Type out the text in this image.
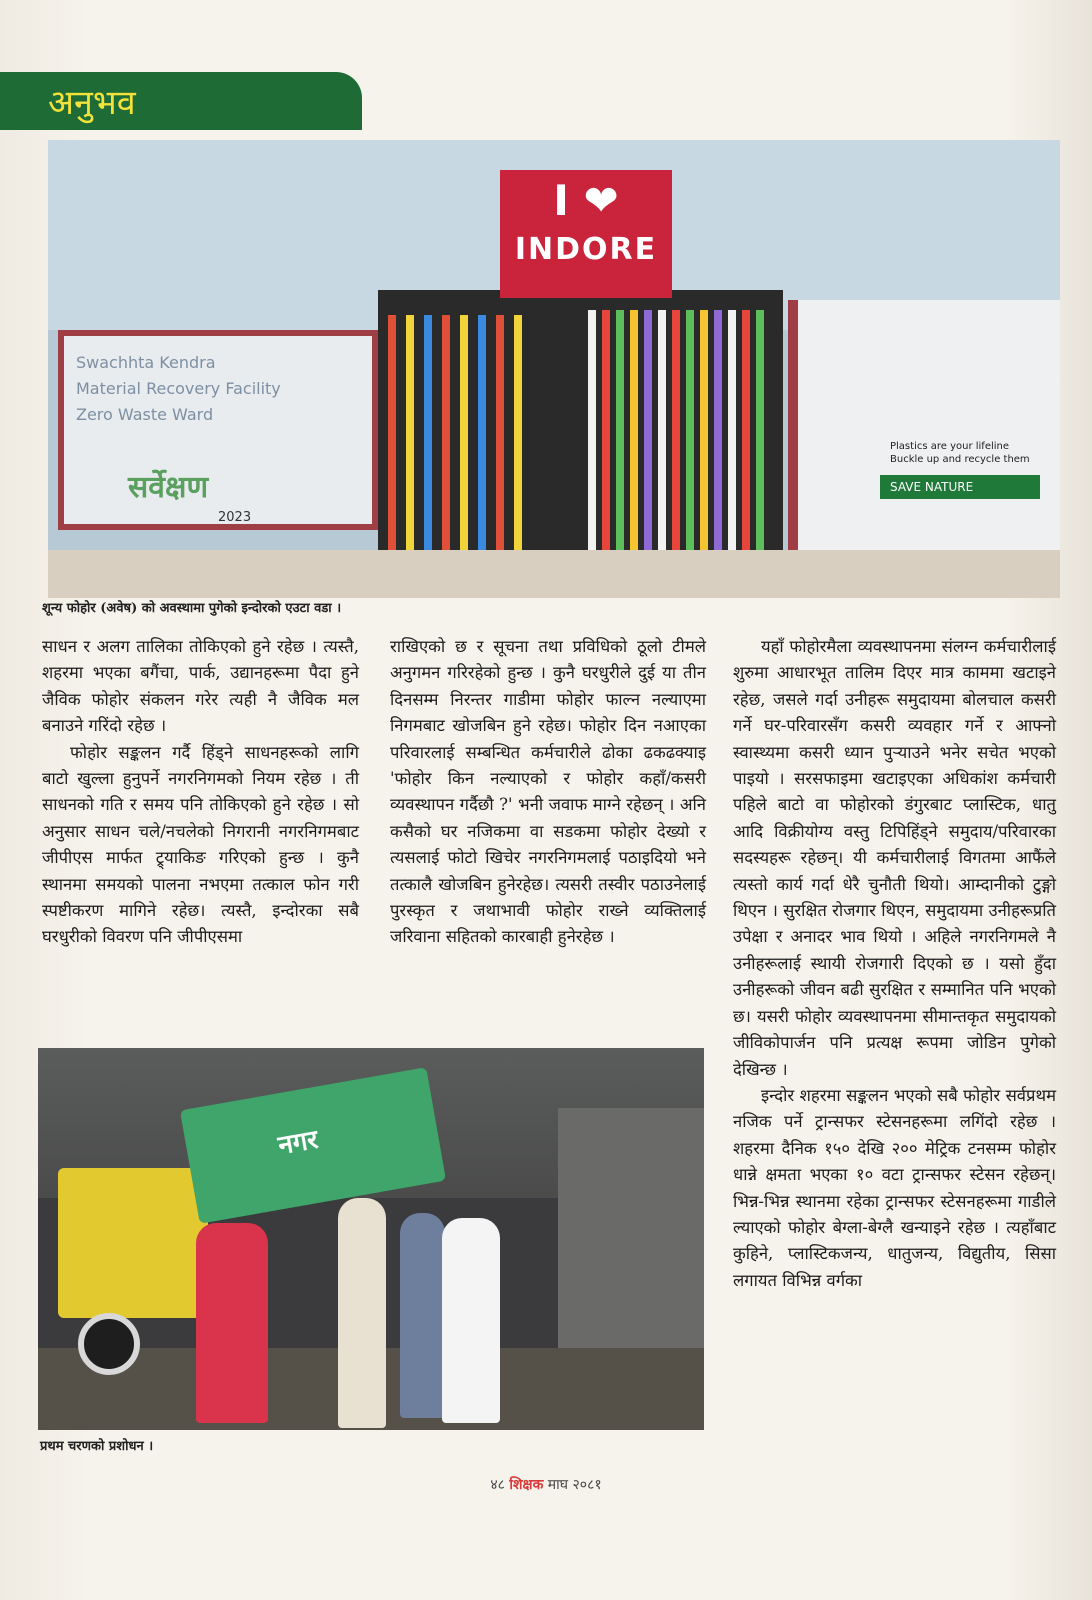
अनुभव
I ❤
INDORE
Swachhta Kendra
Material Recovery Facility
Zero Waste Ward
सर्वेक्षण
2023
Plastics are your lifeline Buckle up and recycle them
SAVE NATURE
शून्य फोहोर (अवेष) को अवस्थामा पुगेको इन्दोरको एउटा वडा ।

साधन र अलग तालिका तोकिएको हुने रहेछ । त्यस्तै, शहरमा भएका बगैंचा, पार्क, उद्यानहरूमा पैदा हुने जैविक फोहोर संकलन गरेर त्यही नै जैविक मल बनाउने गरिंदो रहेछ ।

फोहोर सङ्कलन गर्दै हिंड्ने साधनहरूको लागि बाटो खुल्ला हुनुपर्ने नगरनिगमको नियम रहेछ । ती साधनको गति र समय पनि तोकिएको हुने रहेछ । सो अनुसार साधन चले/नचलेको निगरानी नगरनिगमबाट जीपीएस मार्फत ट्र्याकिङ गरिएको हुन्छ । कुनै स्थानमा समयको पालना नभएमा तत्काल फोन गरी स्पष्टीकरण मागिने रहेछ। त्यस्तै, इन्दोरका सबै घरधुरीको विवरण पनि जीपीएसमा

राखिएको छ र सूचना तथा प्रविधिको ठूलो टीमले अनुगमन गरिरहेको हुन्छ । कुनै घरधुरीले दुई या तीन दिनसम्म निरन्तर गाडीमा फोहोर फाल्न नल्याएमा निगमबाट खोजबिन हुने रहेछ। फोहोर दिन नआएका परिवारलाई सम्बन्धित कर्मचारीले ढोका ढकढक्याइ 'फोहोर किन नल्याएको र फोहोर कहाँ/कसरी व्यवस्थापन गर्दैछौ ?' भनी जवाफ माग्ने रहेछन् । अनि कसैको घर नजिकमा वा सडकमा फोहोर देख्यो र त्यसलाई फोटो खिचेर नगरनिगमलाई पठाइदियो भने तत्कालै खोजबिन हुनेरहेछ। त्यसरी तस्वीर पठाउनेलाई पुरस्कृत र जथाभावी फोहोर राख्ने व्यक्तिलाई जरिवाना सहितको कारबाही हुनेरहेछ ।

यहाँ फोहोरमैला व्यवस्थापनमा संलग्न कर्मचारीलाई शुरुमा आधारभूत तालिम दिएर मात्र काममा खटाइने रहेछ, जसले गर्दा उनीहरू समुदायमा बोलचाल कसरी गर्ने घर-परिवारसँग कसरी व्यवहार गर्ने र आफ्नो स्वास्थ्यमा कसरी ध्यान पुऱ्याउने भनेर सचेत भएको पाइयो । सरसफाइमा खटाइएका अधिकांश कर्मचारी पहिले बाटो वा फोहोरको डंगुरबाट प्लास्टिक, धातु आदि विक्रीयोग्य वस्तु टिपिहिंड्ने समुदाय/परिवारका सदस्यहरू रहेछन्। यी कर्मचारीलाई विगतमा आफैंले त्यस्तो कार्य गर्दा धेरै चुनौती थियो। आम्दानीको टुङ्गो थिएन । सुरक्षित रोजगार थिएन, समुदायमा उनीहरूप्रति उपेक्षा र अनादर भाव थियो । अहिले नगरनिगमले नै उनीहरूलाई स्थायी रोजगारी दिएको छ । यसो हुँदा उनीहरूको जीवन बढी सुरक्षित र सम्मानित पनि भएको छ। यसरी फोहोर व्यवस्थापनमा सीमान्तकृत समुदायको जीविकोपार्जन पनि प्रत्यक्ष रूपमा जोडिन पुगेको देखिन्छ ।

इन्दोर शहरमा सङ्कलन भएको सबै फोहोर सर्वप्रथम नजिक पर्ने ट्रान्सफर स्टेसनहरूमा लगिंदो रहेछ । शहरमा दैनिक १५० देखि २०० मेट्रिक टनसम्म फोहोर धान्ने क्षमता भएका १० वटा ट्रान्सफर स्टेसन रहेछन्। भिन्न-भिन्न स्थानमा रहेका ट्रान्सफर स्टेसनहरूमा गाडीले ल्याएको फोहोर बेग्ला-बेग्लै खन्याइने रहेछ । त्यहाँबाट कुहिने, प्लास्टिकजन्य, धातुजन्य, विद्युतीय, सिसा लगायत विभिन्न वर्गका

नगर
प्रथम चरणको प्रशोधन ।
४८ शिक्षक माघ २०८१
